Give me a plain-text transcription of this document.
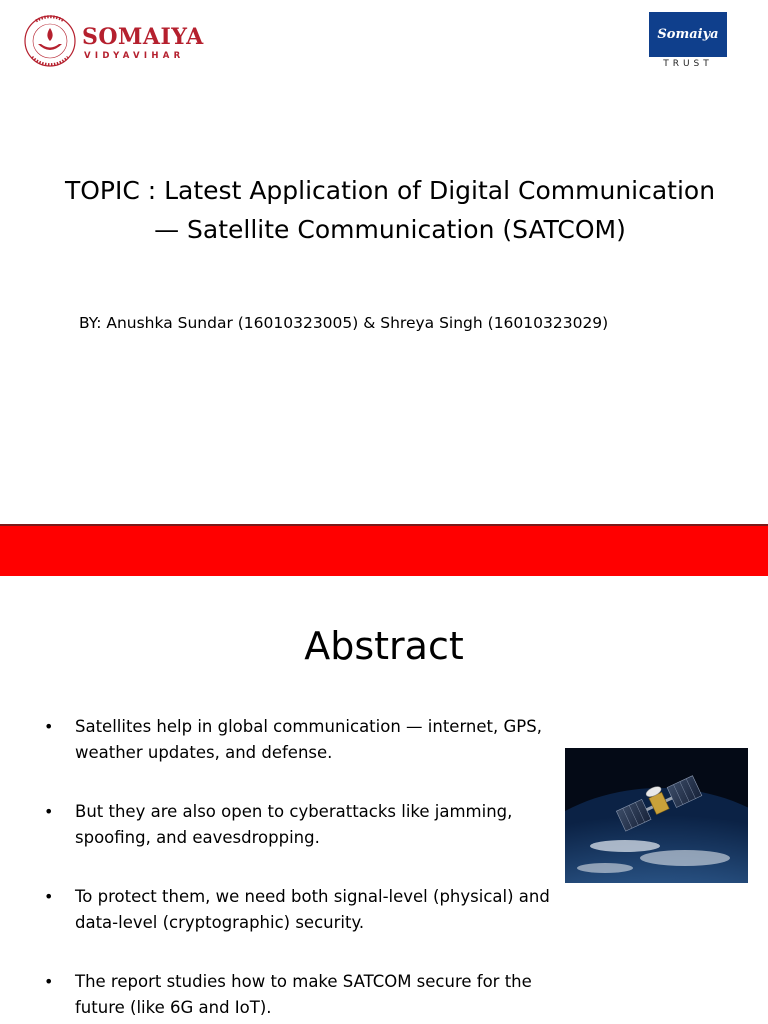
SOMAIYA
VIDYAVIHAR
Somaiya
TRUST
TOPIC : Latest Application of Digital Communication
— Satellite Communication (SATCOM)
BY: Anushka Sundar (16010323005) & Shreya Singh (16010323029)
Abstract
• Satellites help in global communication — internet, GPS, weather updates, and defense.
• But they are also open to cyberattacks like jamming, spoofing, and eavesdropping.
• To protect them, we need both signal-level (physical) and data-level (cryptographic) security.
• The report studies how to make SATCOM secure for the future (like 6G and IoT).
